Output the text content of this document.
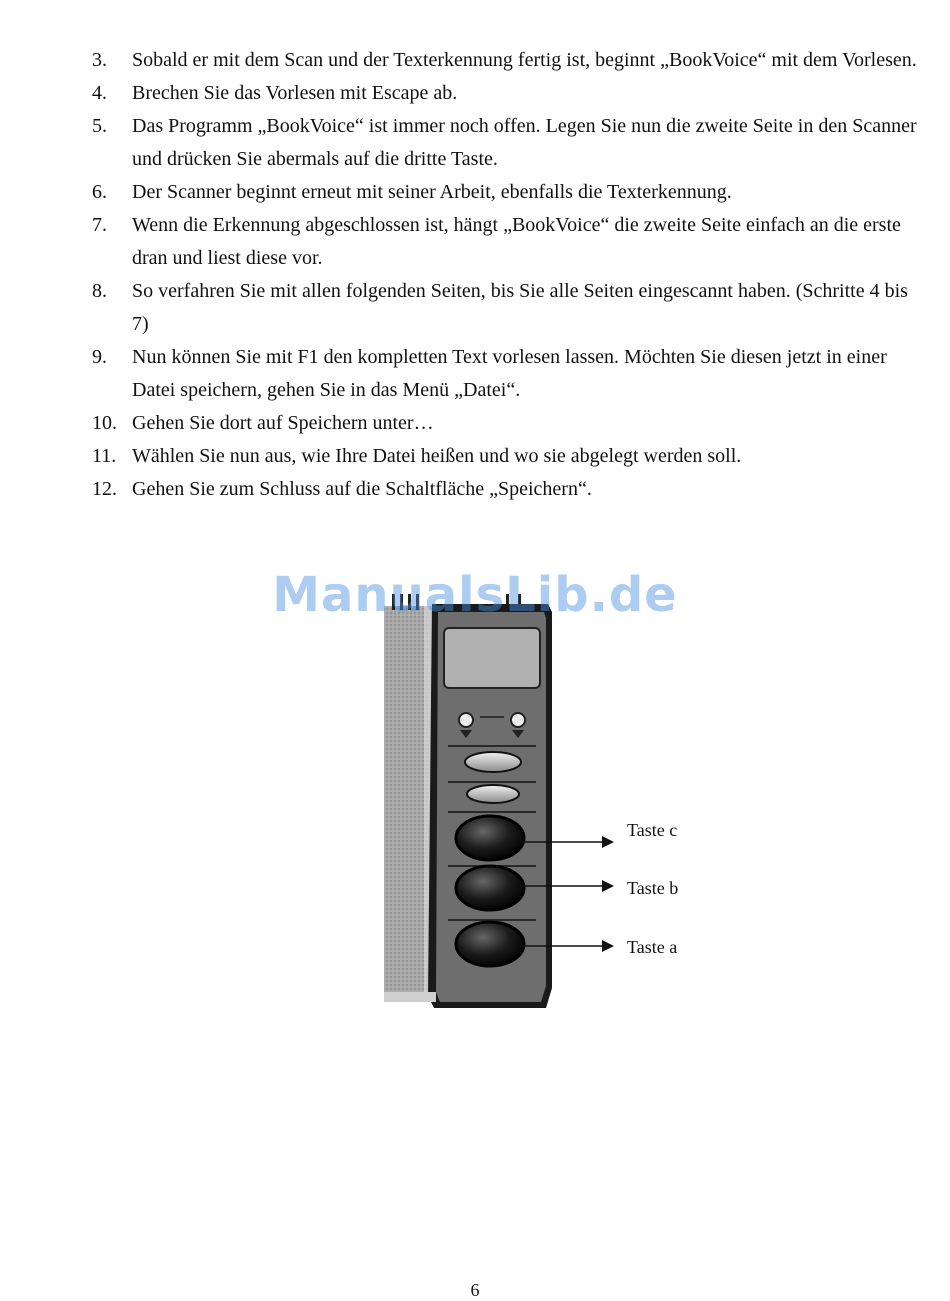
3. Sobald er mit dem Scan und der Texterkennung fertig ist, beginnt „BookVoice“ mit dem Vorlesen.
4. Brechen Sie das Vorlesen mit Escape ab.
5. Das Programm „BookVoice“ ist immer noch offen. Legen Sie nun die zweite Seite in den Scanner und drücken Sie abermals auf die dritte Taste.
6. Der Scanner beginnt erneut mit seiner Arbeit, ebenfalls die Texterkennung.
7. Wenn die Erkennung abgeschlossen ist, hängt „BookVoice“ die zweite Seite einfach an die erste dran und liest diese vor.
8. So verfahren Sie mit allen folgenden Seiten, bis Sie alle Seiten eingescannt haben. (Schritte 4 bis 7)
9. Nun können Sie mit F1 den kompletten Text vorlesen lassen. Möchten Sie diesen jetzt in einer Datei speichern, gehen Sie in das Menü „Datei“.
10. Gehen Sie dort auf Speichern unter…
11. Wählen Sie nun aus, wie Ihre Datei heißen und wo sie abgelegt werden soll.
12. Gehen Sie zum Schluss auf die Schaltfläche „Speichern“.
ManualsLib.de
Taste c
Taste b
Taste a
6
